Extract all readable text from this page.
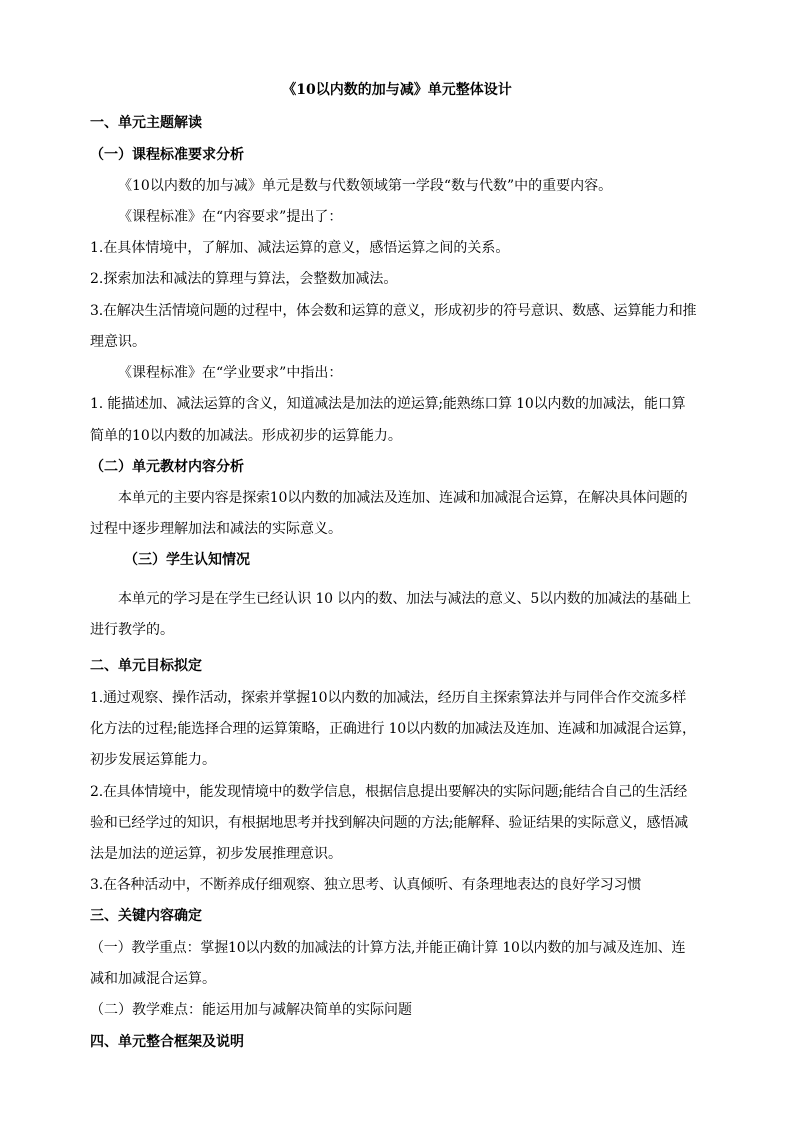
《10以内数的加与减》单元整体设计
一、单元主题解读
（一）课程标准要求分析
《10以内数的加与减》单元是数与代数领域第一学段“数与代数”中的重要内容。
《课程标准》在“内容要求”提出了：
1.在具体情境中，了解加、减法运算的意义，感悟运算之间的关系。
2.探索加法和减法的算理与算法，会整数加减法。
3.在解决生活情境问题的过程中，体会数和运算的意义，形成初步的符号意识、数感、运算能力和推
理意识。
《课程标准》在“学业要求”中指出：
1. 能描述加、减法运算的含义，知道减法是加法的逆运算;能熟练口算 10以内数的加减法，能口算
简单的10以内数的加减法。形成初步的运算能力。
（二）单元教材内容分析
本单元的主要内容是探索10以内数的加减法及连加、连减和加减混合运算，在解决具体问题的
过程中逐步理解加法和减法的实际意义。
（三）学生认知情况
本单元的学习是在学生已经认识 10 以内的数、加法与减法的意义、5以内数的加减法的基础上
进行教学的。
二、单元目标拟定
1.通过观察、操作活动，探索并掌握10以内数的加减法，经历自主探索算法并与同伴合作交流多样
化方法的过程;能选择合理的运算策略，正确进行 10以内数的加减法及连加、连减和加减混合运算，
初步发展运算能力。
2.在具体情境中，能发现情境中的数学信息，根据信息提出要解决的实际问题;能结合自己的生活经
验和已经学过的知识，有根据地思考并找到解决问题的方法;能解释、验证结果的实际意义，感悟减
法是加法的逆运算，初步发展推理意识。
3.在各种活动中，不断养成仔细观察、独立思考、认真倾听、有条理地表达的良好学习习惯
三、关键内容确定
（一）教学重点：掌握10以内数的加减法的计算方法,并能正确计算 10以内数的加与减及连加、连
减和加减混合运算。
（二）教学难点：能运用加与减解决简单的实际问题
四、单元整合框架及说明
